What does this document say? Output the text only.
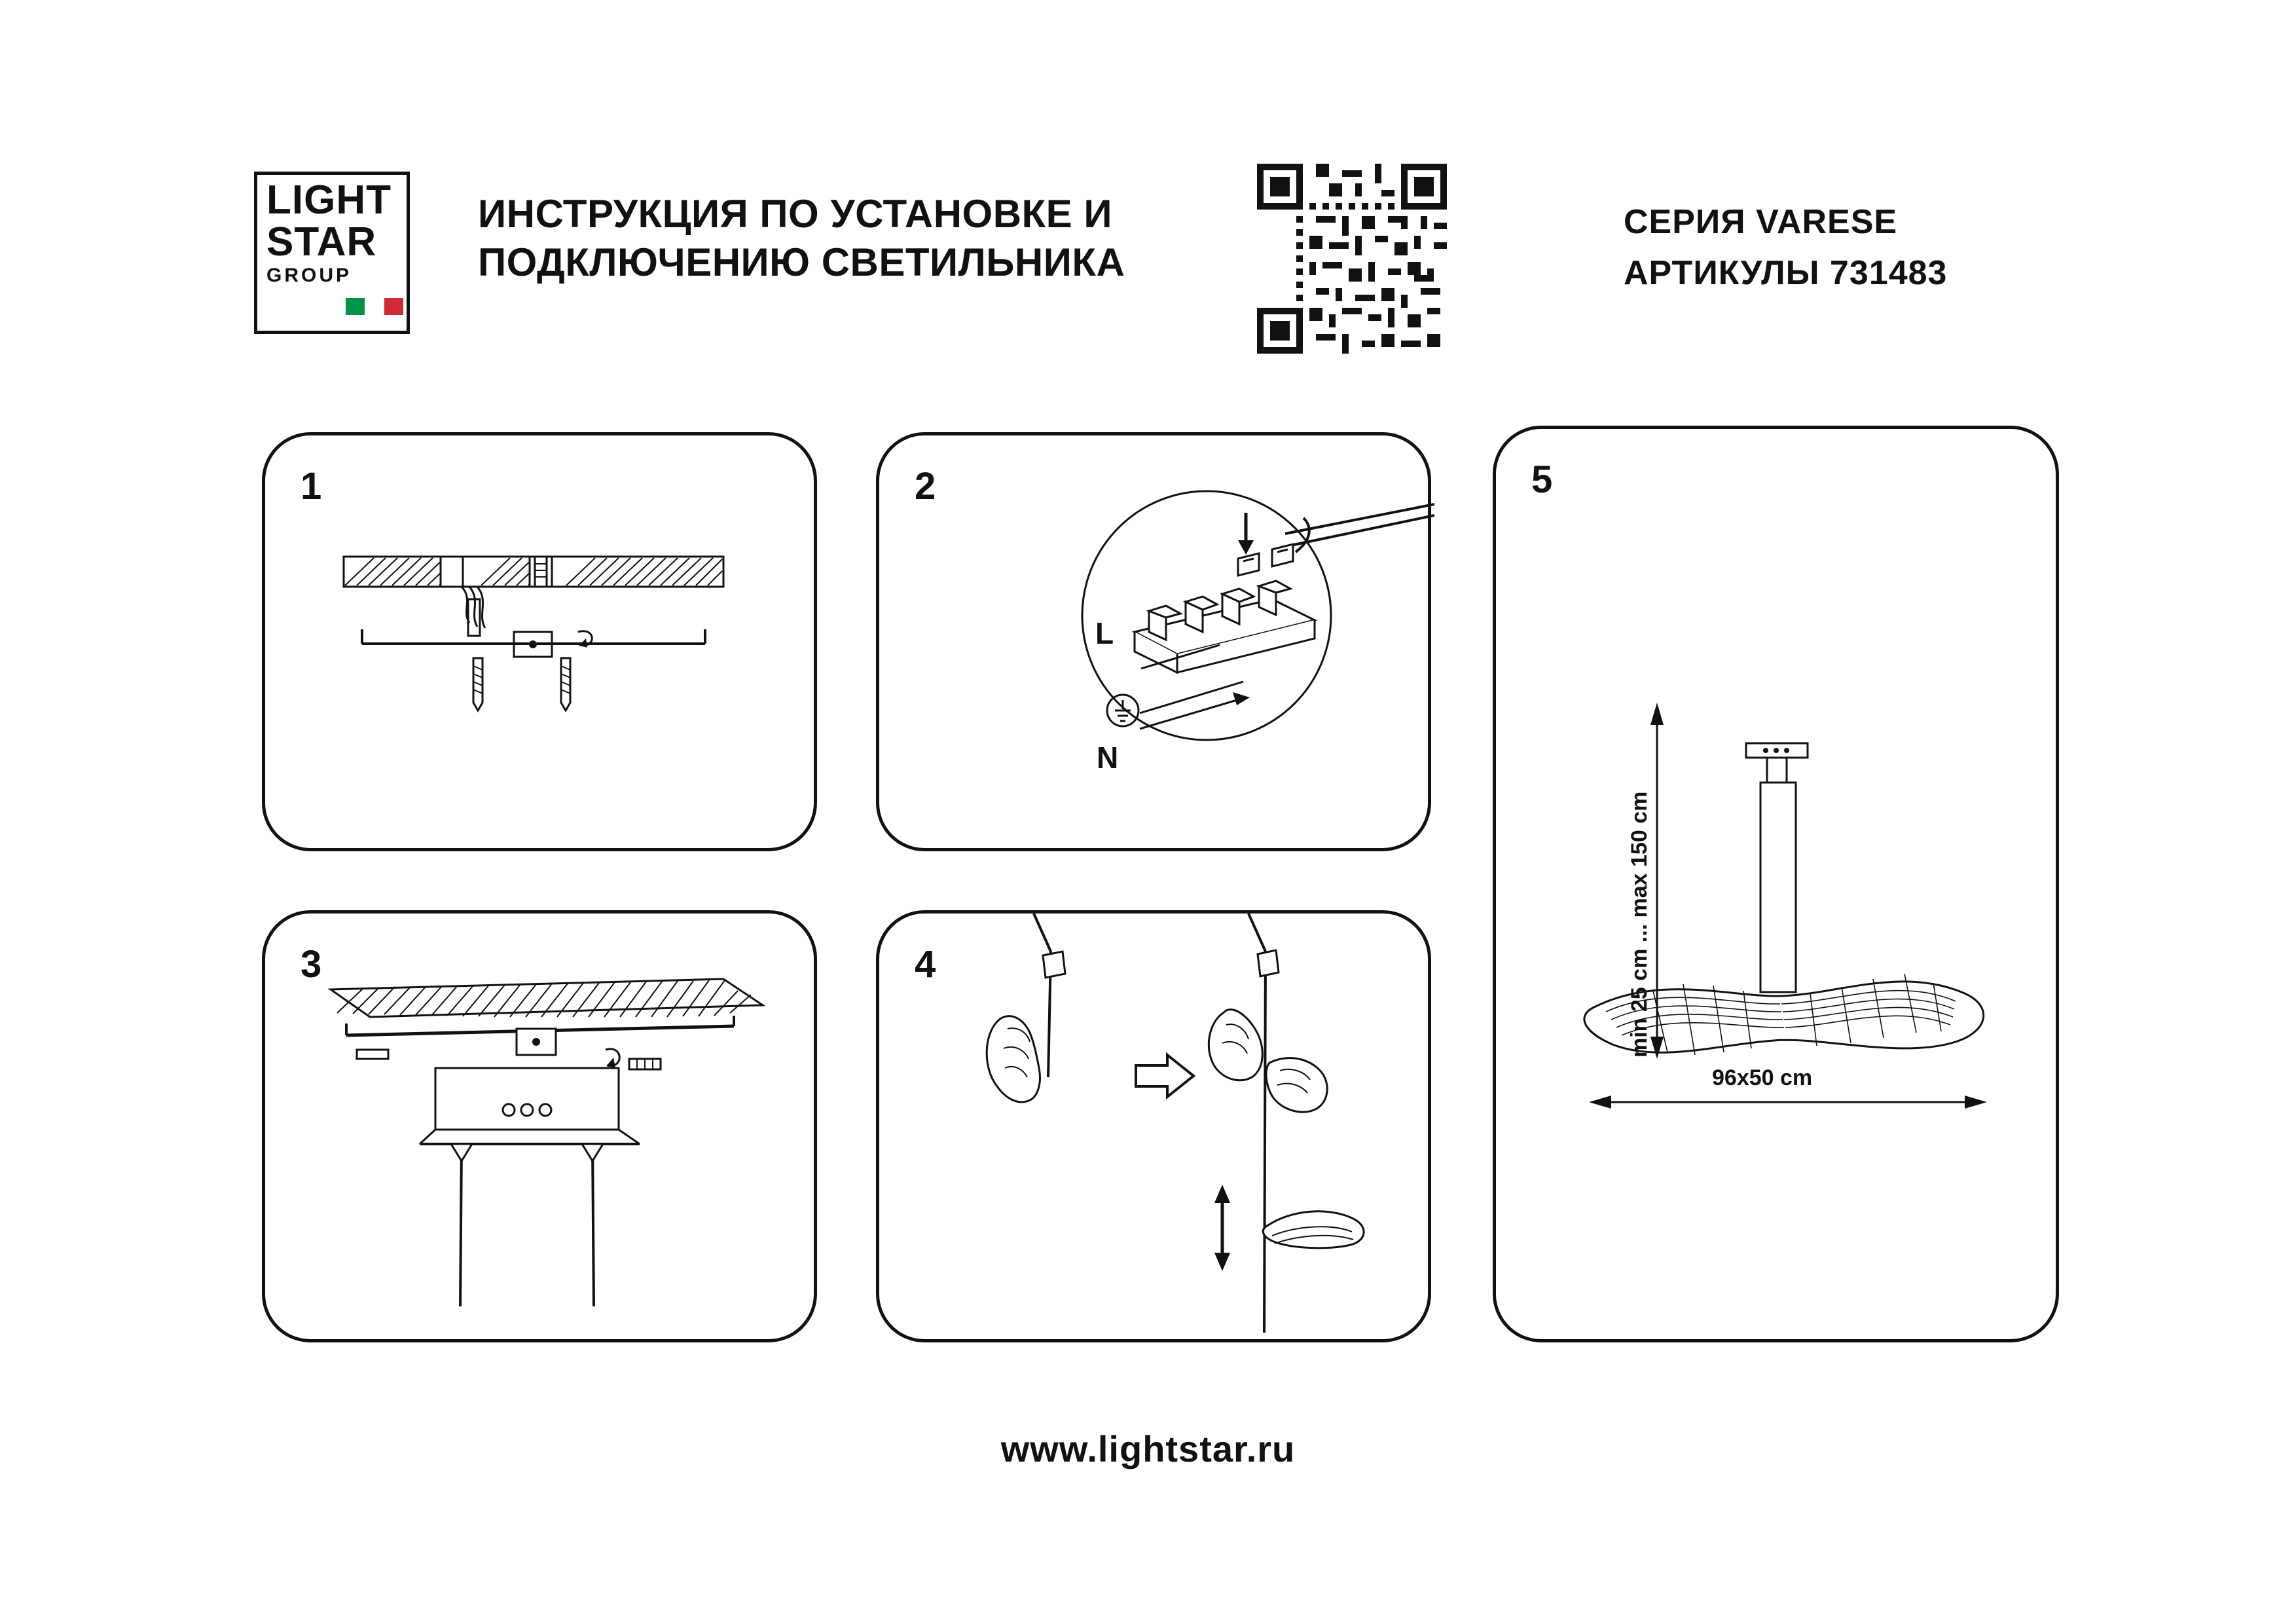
LIGHT
STAR
GROUP
ИНСТРУКЦИЯ ПО УСТАНОВКЕ И
ПОДКЛЮЧЕНИЮ СВЕТИЛЬНИКА
СЕРИЯ VARESE
АРТИКУЛЫ 731483
1	2
L
N
3	4
5
min 25 cm ... max 150 cm
96x50 cm
www.lightstar.ru
